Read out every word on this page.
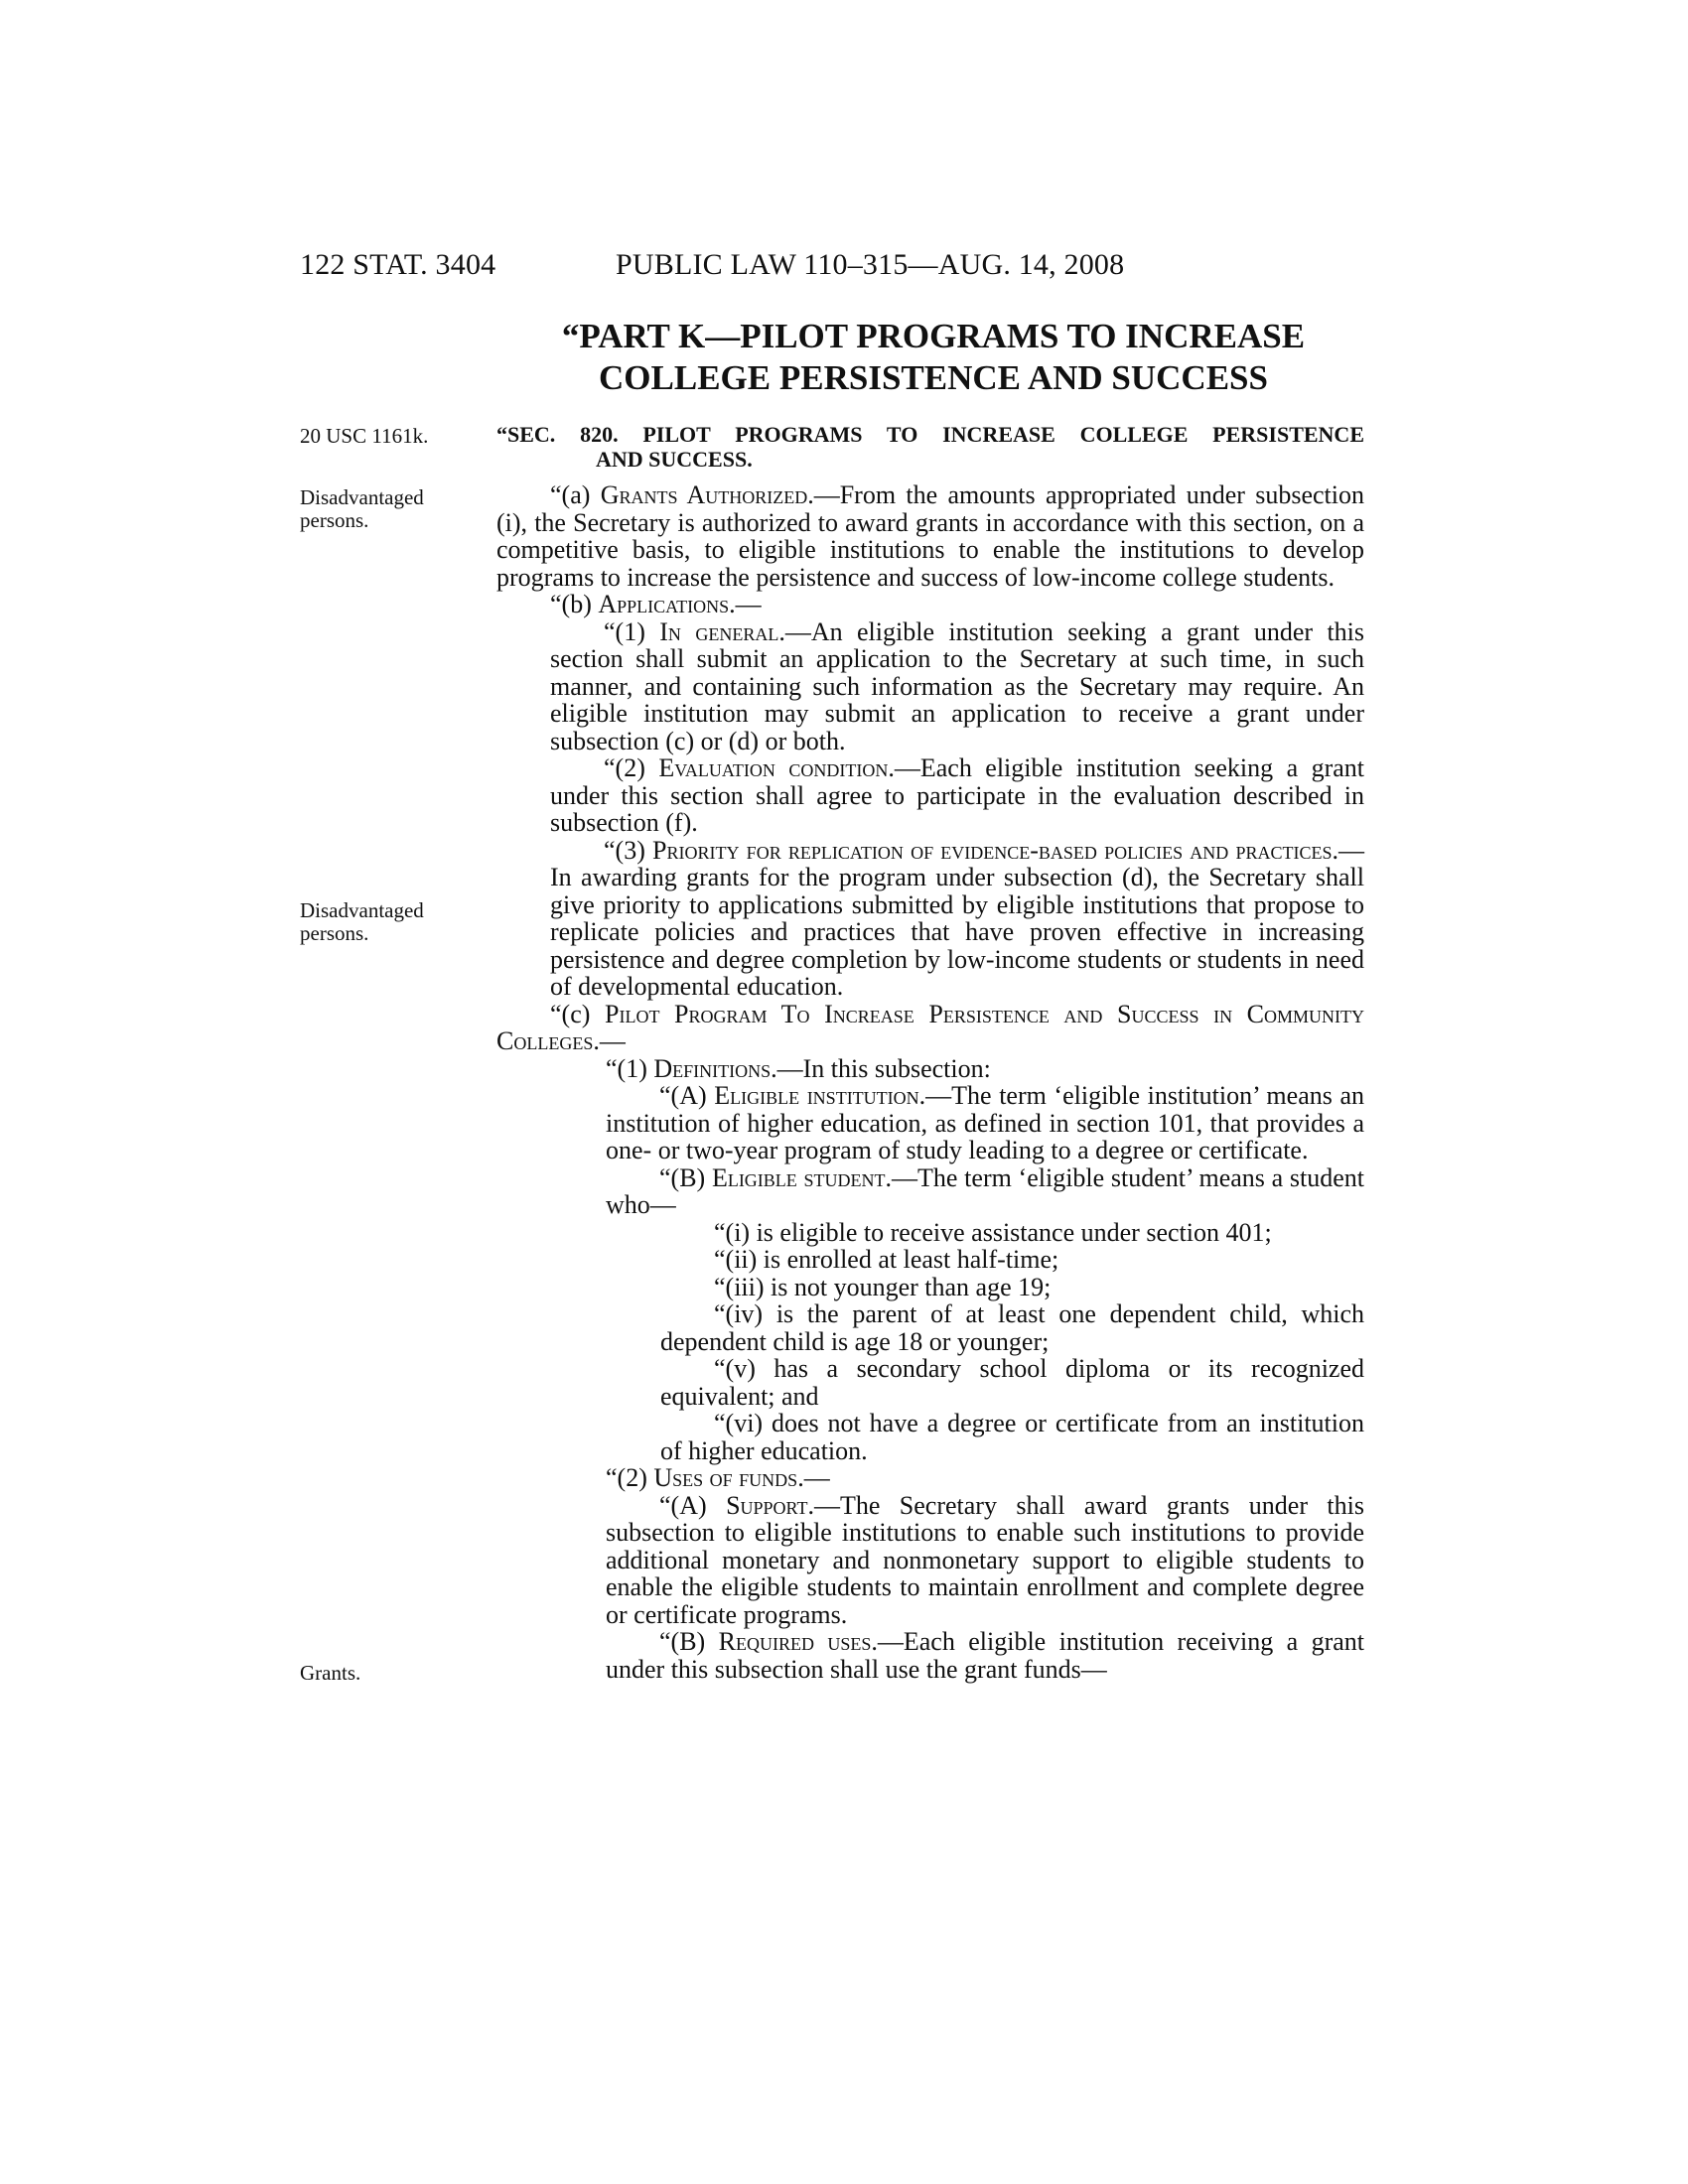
122 STAT. 3404	PUBLIC LAW 110–315—AUG. 14, 2008
“PART K—PILOT PROGRAMS TO INCREASE
COLLEGE PERSISTENCE AND SUCCESS
20 USC 1161k.
Disadvantaged persons.
Disadvantaged persons.
Grants.
“SEC. 820. PILOT PROGRAMS TO INCREASE COLLEGE PERSISTENCE
AND SUCCESS.

“(a) Grants Authorized.—From the amounts appropriated under subsection (i), the Secretary is authorized to award grants in accordance with this section, on a competitive basis, to eligible institutions to enable the institutions to develop programs to increase the persistence and success of low-income college students.

“(b) Applications.—

“(1) In general.—An eligible institution seeking a grant under this section shall submit an application to the Secretary at such time, in such manner, and containing such information as the Secretary may require. An eligible institution may submit an application to receive a grant under subsection (c) or (d) or both.

“(2) Evaluation condition.—Each eligible institution seeking a grant under this section shall agree to participate in the evaluation described in subsection (f).

“(3) Priority for replication of evidence-based policies and practices.—In awarding grants for the program under subsection (d), the Secretary shall give priority to applications submitted by eligible institutions that propose to replicate policies and practices that have proven effective in increasing persistence and degree completion by low-income students or students in need of developmental education.

“(c) Pilot Program To Increase Persistence and Success in Community Colleges.—

“(1) Definitions.—In this subsection:

“(A) Eligible institution.—The term ‘eligible institution’ means an institution of higher education, as defined in section 101, that provides a one- or two-year program of study leading to a degree or certificate.

“(B) Eligible student.—The term ‘eligible student’ means a student who—

“(i) is eligible to receive assistance under section 401;

“(ii) is enrolled at least half-time;

“(iii) is not younger than age 19;

“(iv) is the parent of at least one dependent child, which dependent child is age 18 or younger;

“(v) has a secondary school diploma or its recognized equivalent; and

“(vi) does not have a degree or certificate from an institution of higher education.

“(2) Uses of funds.—

“(A) Support.—The Secretary shall award grants under this subsection to eligible institutions to enable such institutions to provide additional monetary and nonmonetary support to eligible students to enable the eligible students to maintain enrollment and complete degree or certificate programs.

“(B) Required uses.—Each eligible institution receiving a grant under this subsection shall use the grant funds—
